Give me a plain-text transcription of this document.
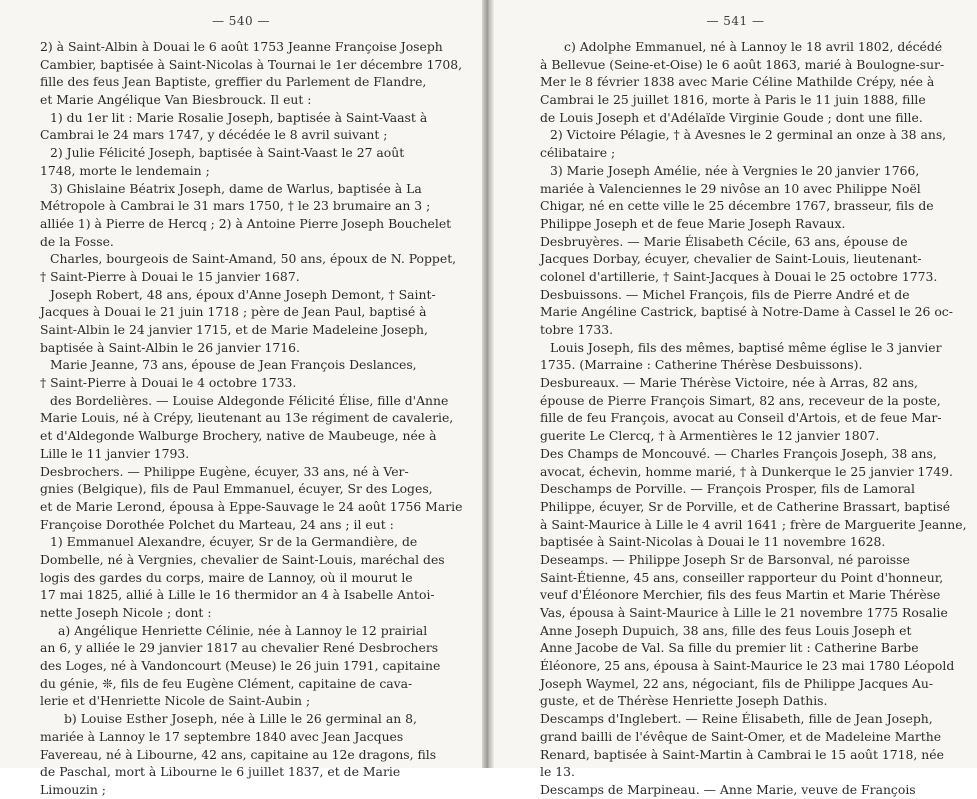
— 540 —
2) à Saint-Albin à Douai le 6 août 1753 Jeanne Françoise Joseph
Cambier, baptisée à Saint-Nicolas à Tournai le 1er décembre 1708,
fille des feus Jean Baptiste, greffier du Parlement de Flandre,
et Marie Angélique Van Biesbrouck. Il eut :
1) du 1er lit : Marie Rosalie Joseph, baptisée à Saint-Vaast à
Cambrai le 24 mars 1747, y décédée le 8 avril suivant ;
2) Julie Félicité Joseph, baptisée à Saint-Vaast le 27 août
1748, morte le lendemain ;
3) Ghislaine Béatrix Joseph, dame de Warlus, baptisée à La
Métropole à Cambrai le 31 mars 1750, † le 23 brumaire an 3 ;
alliée 1) à Pierre de Hercq ; 2) à Antoine Pierre Joseph Bouchelet
de la Fosse.
Charles, bourgeois de Saint-Amand, 50 ans, époux de N. Poppet,
† Saint-Pierre à Douai le 15 janvier 1687.
Joseph Robert, 48 ans, époux d'Anne Joseph Demont, † Saint-
Jacques à Douai le 21 juin 1718 ; père de Jean Paul, baptisé à
Saint-Albin le 24 janvier 1715, et de Marie Madeleine Joseph,
baptisée à Saint-Albin le 26 janvier 1716.
Marie Jeanne, 73 ans, épouse de Jean François Deslances,
† Saint-Pierre à Douai le 4 octobre 1733.
des Bordelières. — Louise Aldegonde Félicité Élise, fille d'Anne
Marie Louis, né à Crépy, lieutenant au 13e régiment de cavalerie,
et d'Aldegonde Walburge Brochery, native de Maubeuge, née à
Lille le 11 janvier 1793.
Desbrochers. — Philippe Eugène, écuyer, 33 ans, né à Ver-
gnies (Belgique), fils de Paul Emmanuel, écuyer, Sr des Loges,
et de Marie Lerond, épousa à Eppe-Sauvage le 24 août 1756 Marie
Françoise Dorothée Polchet du Marteau, 24 ans ; il eut :
1) Emmanuel Alexandre, écuyer, Sr de la Germandière, de
Dombelle, né à Vergnies, chevalier de Saint-Louis, maréchal des
logis des gardes du corps, maire de Lannoy, où il mourut le
17 mai 1825, allié à Lille le 16 thermidor an 4 à Isabelle Antoi-
nette Joseph Nicole ; dont :
a) Angélique Henriette Célinie, née à Lannoy le 12 prairial
an 6, y alliée le 29 janvier 1817 au chevalier René Desbrochers
des Loges, né à Vandoncourt (Meuse) le 26 juin 1791, capitaine
du génie, ❊, fils de feu Eugène Clément, capitaine de cava-
lerie et d'Henriette Nicole de Saint-Aubin ;
b) Louise Esther Joseph, née à Lille le 26 germinal an 8,
mariée à Lannoy le 17 septembre 1840 avec Jean Jacques
Favereau, né à Libourne, 42 ans, capitaine au 12e dragons, fils
de Paschal, mort à Libourne le 6 juillet 1837, et de Marie
Limouzin ;
— 541 —
c) Adolphe Emmanuel, né à Lannoy le 18 avril 1802, décédé
à Bellevue (Seine-et-Oise) le 6 août 1863, marié à Boulogne-sur-
Mer le 8 février 1838 avec Marie Céline Mathilde Crépy, née à
Cambrai le 25 juillet 1816, morte à Paris le 11 juin 1888, fille
de Louis Joseph et d'Adélaïde Virginie Goude ; dont une fille.
2) Victoire Pélagie, † à Avesnes le 2 germinal an onze à 38 ans,
célibataire ;
3) Marie Joseph Amélie, née à Vergnies le 20 janvier 1766,
mariée à Valenciennes le 29 nivôse an 10 avec Philippe Noël
Chigar, né en cette ville le 25 décembre 1767, brasseur, fils de
Philippe Joseph et de feue Marie Joseph Ravaux.
Desbruyères. — Marie Élisabeth Cécile, 63 ans, épouse de
Jacques Dorbay, écuyer, chevalier de Saint-Louis, lieutenant-
colonel d'artillerie, † Saint-Jacques à Douai le 25 octobre 1773.
Desbuissons. — Michel François, fils de Pierre André et de
Marie Angéline Castrick, baptisé à Notre-Dame à Cassel le 26 oc-
tobre 1733.
Louis Joseph, fils des mêmes, baptisé même église le 3 janvier
1735. (Marraine : Catherine Thérèse Desbuissons).
Desbureaux. — Marie Thérèse Victoire, née à Arras, 82 ans,
épouse de Pierre François Simart, 82 ans, receveur de la poste,
fille de feu François, avocat au Conseil d'Artois, et de feue Mar-
guerite Le Clercq, † à Armentières le 12 janvier 1807.
Des Champs de Moncouvé. — Charles François Joseph, 38 ans,
avocat, échevin, homme marié, † à Dunkerque le 25 janvier 1749.
Deschamps de Porville. — François Prosper, fils de Lamoral
Philippe, écuyer, Sr de Porville, et de Catherine Brassart, baptisé
à Saint-Maurice à Lille le 4 avril 1641 ; frère de Marguerite Jeanne,
baptisée à Saint-Nicolas à Douai le 11 novembre 1628.
Deseamps. — Philippe Joseph Sr de Barsonval, né paroisse
Saint-Étienne, 45 ans, conseiller rapporteur du Point d'honneur,
veuf d'Éléonore Merchier, fils des feus Martin et Marie Thérèse
Vas, épousa à Saint-Maurice à Lille le 21 novembre 1775 Rosalie
Anne Joseph Dupuich, 38 ans, fille des feus Louis Joseph et
Anne Jacobe de Val. Sa fille du premier lit : Catherine Barbe
Éléonore, 25 ans, épousa à Saint-Maurice le 23 mai 1780 Léopold
Joseph Waymel, 22 ans, négociant, fils de Philippe Jacques Au-
guste, et de Thérèse Henriette Joseph Dathis.
Descamps d'Inglebert. — Reine Élisabeth, fille de Jean Joseph,
grand bailli de l'évêque de Saint-Omer, et de Madeleine Marthe
Renard, baptisée à Saint-Martin à Cambrai le 15 août 1718, née
le 13.
Descamps de Marpineau. — Anne Marie, veuve de François
